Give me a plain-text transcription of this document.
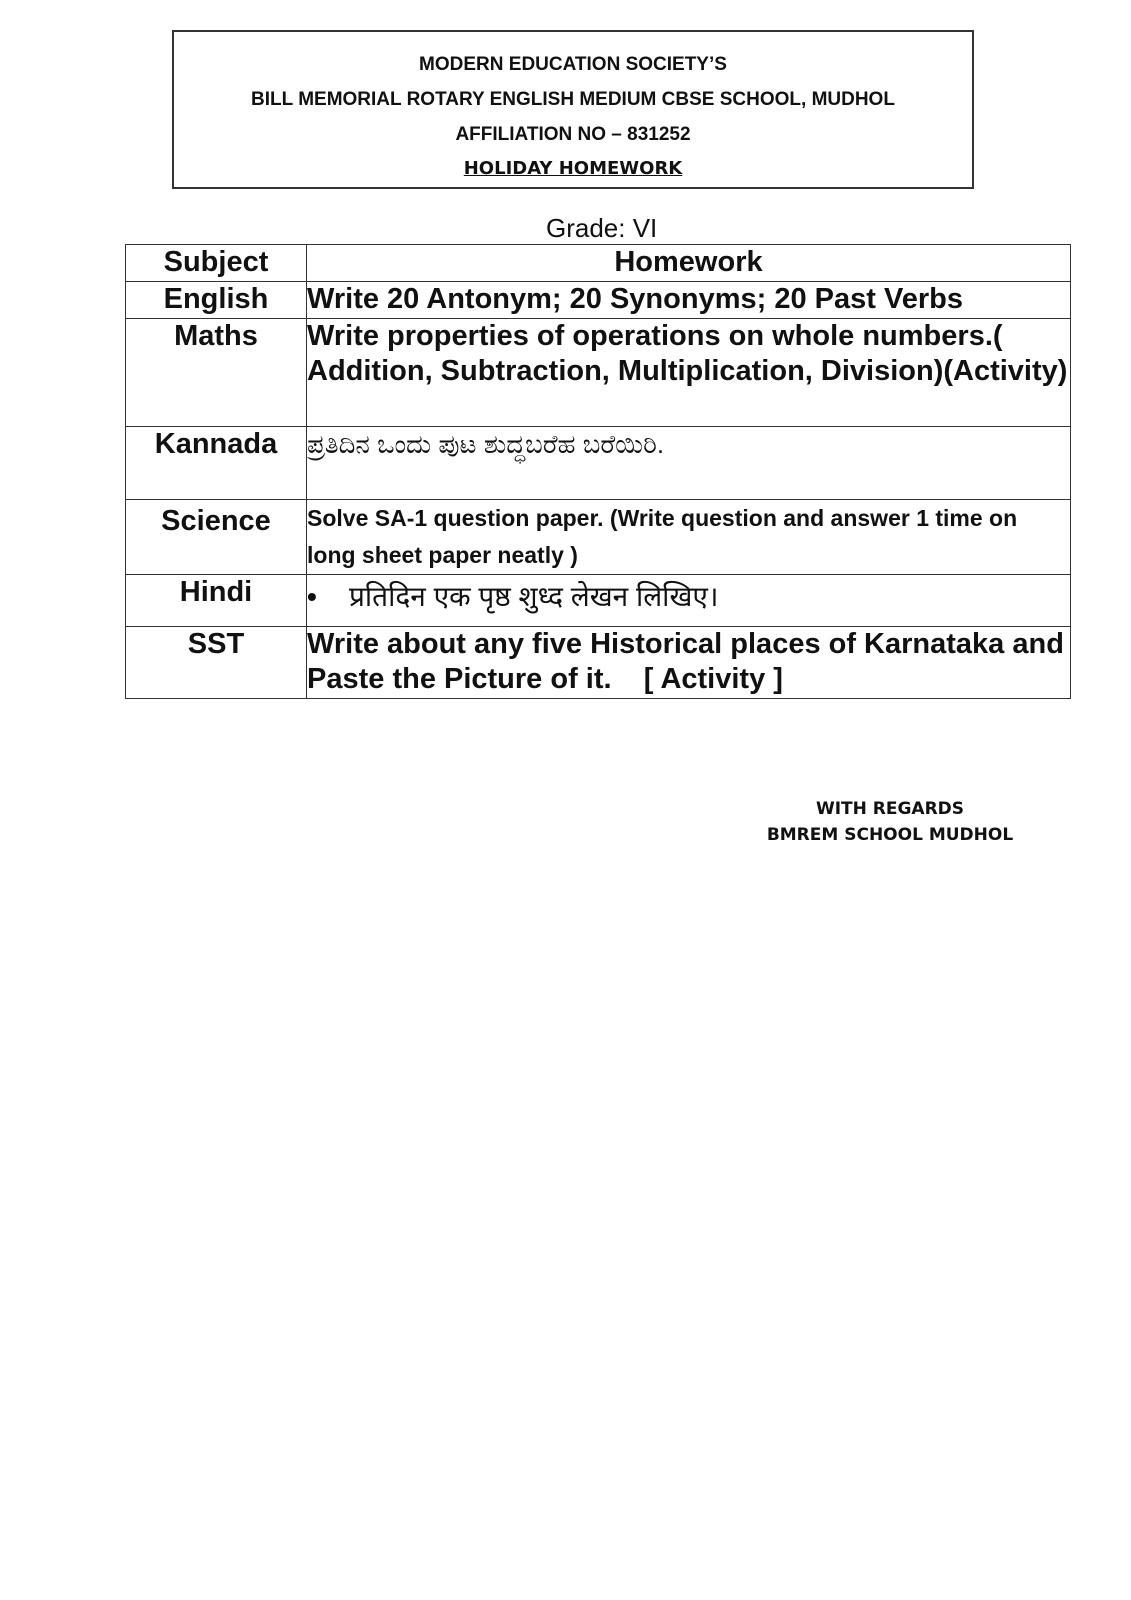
MODERN EDUCATION SOCIETY’S
BILL MEMORIAL ROTARY ENGLISH MEDIUM CBSE SCHOOL, MUDHOL
AFFILIATION NO – 831252
HOLIDAY HOMEWORK
Grade: VI
Subject	Homework
English	Write 20 Antonym; 20 Synonyms; 20 Past Verbs
Maths	Write properties of operations on whole numbers.( Addition, Subtraction, Multiplication, Division)(Activity)
Kannada	ಪ್ರತಿದಿನ ಒಂದು ಪುಟ ಶುದ್ಧಬರೆಹ ಬರೆಯಿರಿ.
Science	Solve SA-1 question paper. (Write question and answer 1 time on long sheet paper neatly )
Hindi	• प्रतिदिन एक पृष्ठ शुध्द लेखन लिखिए।
SST	Write about any five Historical places of Karnataka and Paste the Picture of it.    [ Activity ]
WITH REGARDS
BMREM SCHOOL MUDHOL
